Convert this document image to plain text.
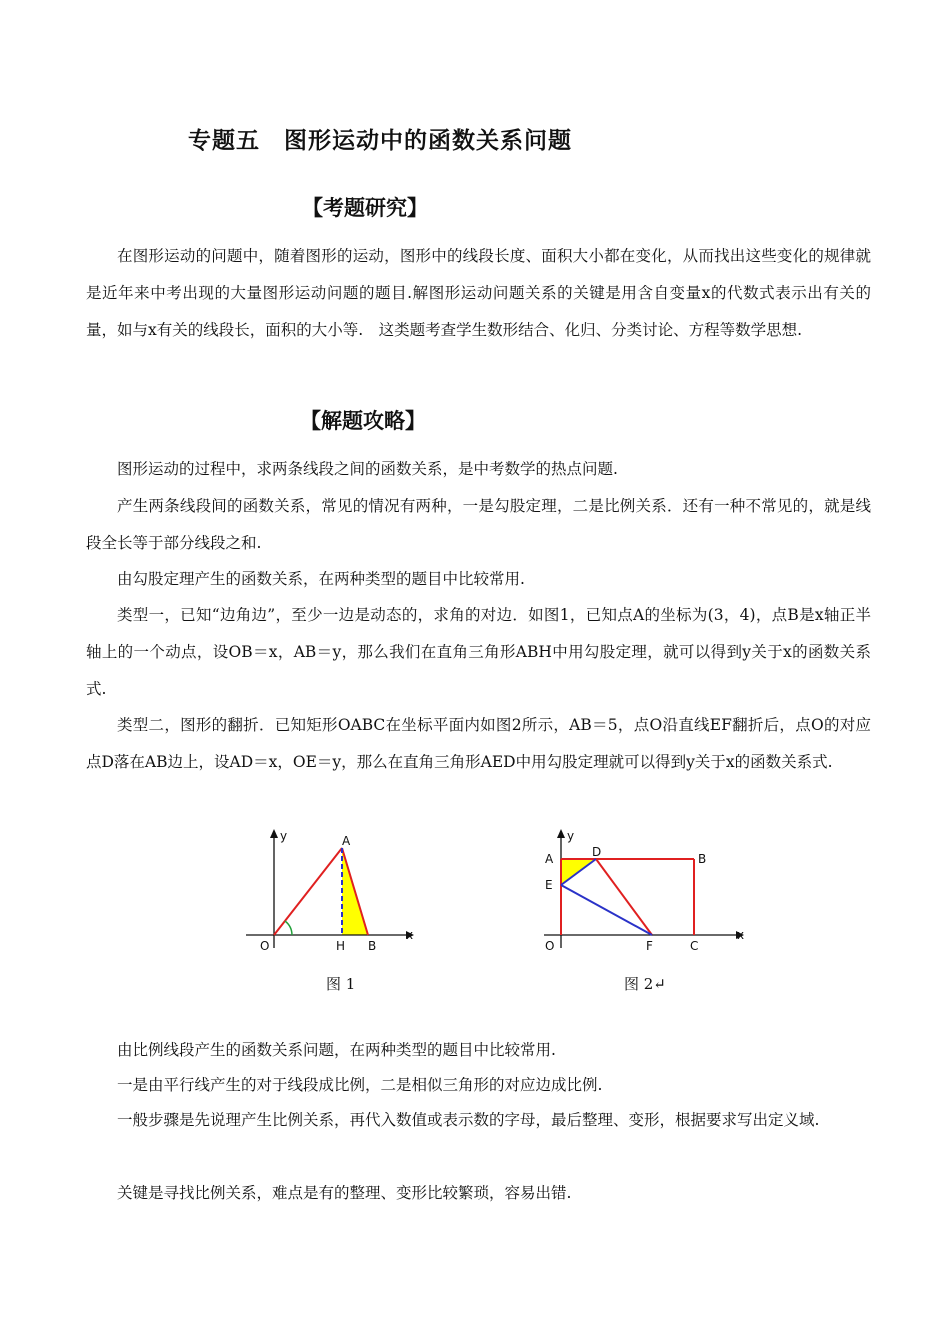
专题五　图形运动中的函数关系问题
【考题研究】
在图形运动的问题中，随着图形的运动，图形中的线段长度、面积大小都在变化，从而找出这些变化的规律就是近年来中考出现的大量图形运动问题的题目.解图形运动问题关系的关键是用含自变量x的代数式表示出有关的量，如与x有关的线段长，面积的大小等.　这类题考查学生数形结合、化归、分类讨论、方程等数学思想.
【解题攻略】
图形运动的过程中，求两条线段之间的函数关系，是中考数学的热点问题.
产生两条线段间的函数关系，常见的情况有两种，一是勾股定理，二是比例关系．还有一种不常见的，就是线段全长等于部分线段之和.
由勾股定理产生的函数关系，在两种类型的题目中比较常用.
类型一，已知“边角边”，至少一边是动态的，求角的对边．如图1，已知点A的坐标为(3，4)，点B是x轴正半轴上的一个动点，设OB＝x，AB＝y，那么我们在直角三角形ABH中用勾股定理，就可以得到y关于x的函数关系式.
类型二，图形的翻折．已知矩形OABC在坐标平面内如图2所示，AB＝5，点O沿直线EF翻折后，点O的对应点D落在AB边上，设AD＝x，OE＝y，那么在直角三角形AED中用勾股定理就可以得到y关于x的函数关系式.
y
x
O	H B
A	y
x
O	F	C
A	D	B
E
图 1	图 2↵
由比例线段产生的函数关系问题，在两种类型的题目中比较常用.
一是由平行线产生的对于线段成比例，二是相似三角形的对应边成比例.
一般步骤是先说理产生比例关系，再代入数值或表示数的字母，最后整理、变形，根据要求写出定义域.
关键是寻找比例关系，难点是有的整理、变形比较繁琐，容易出错.
